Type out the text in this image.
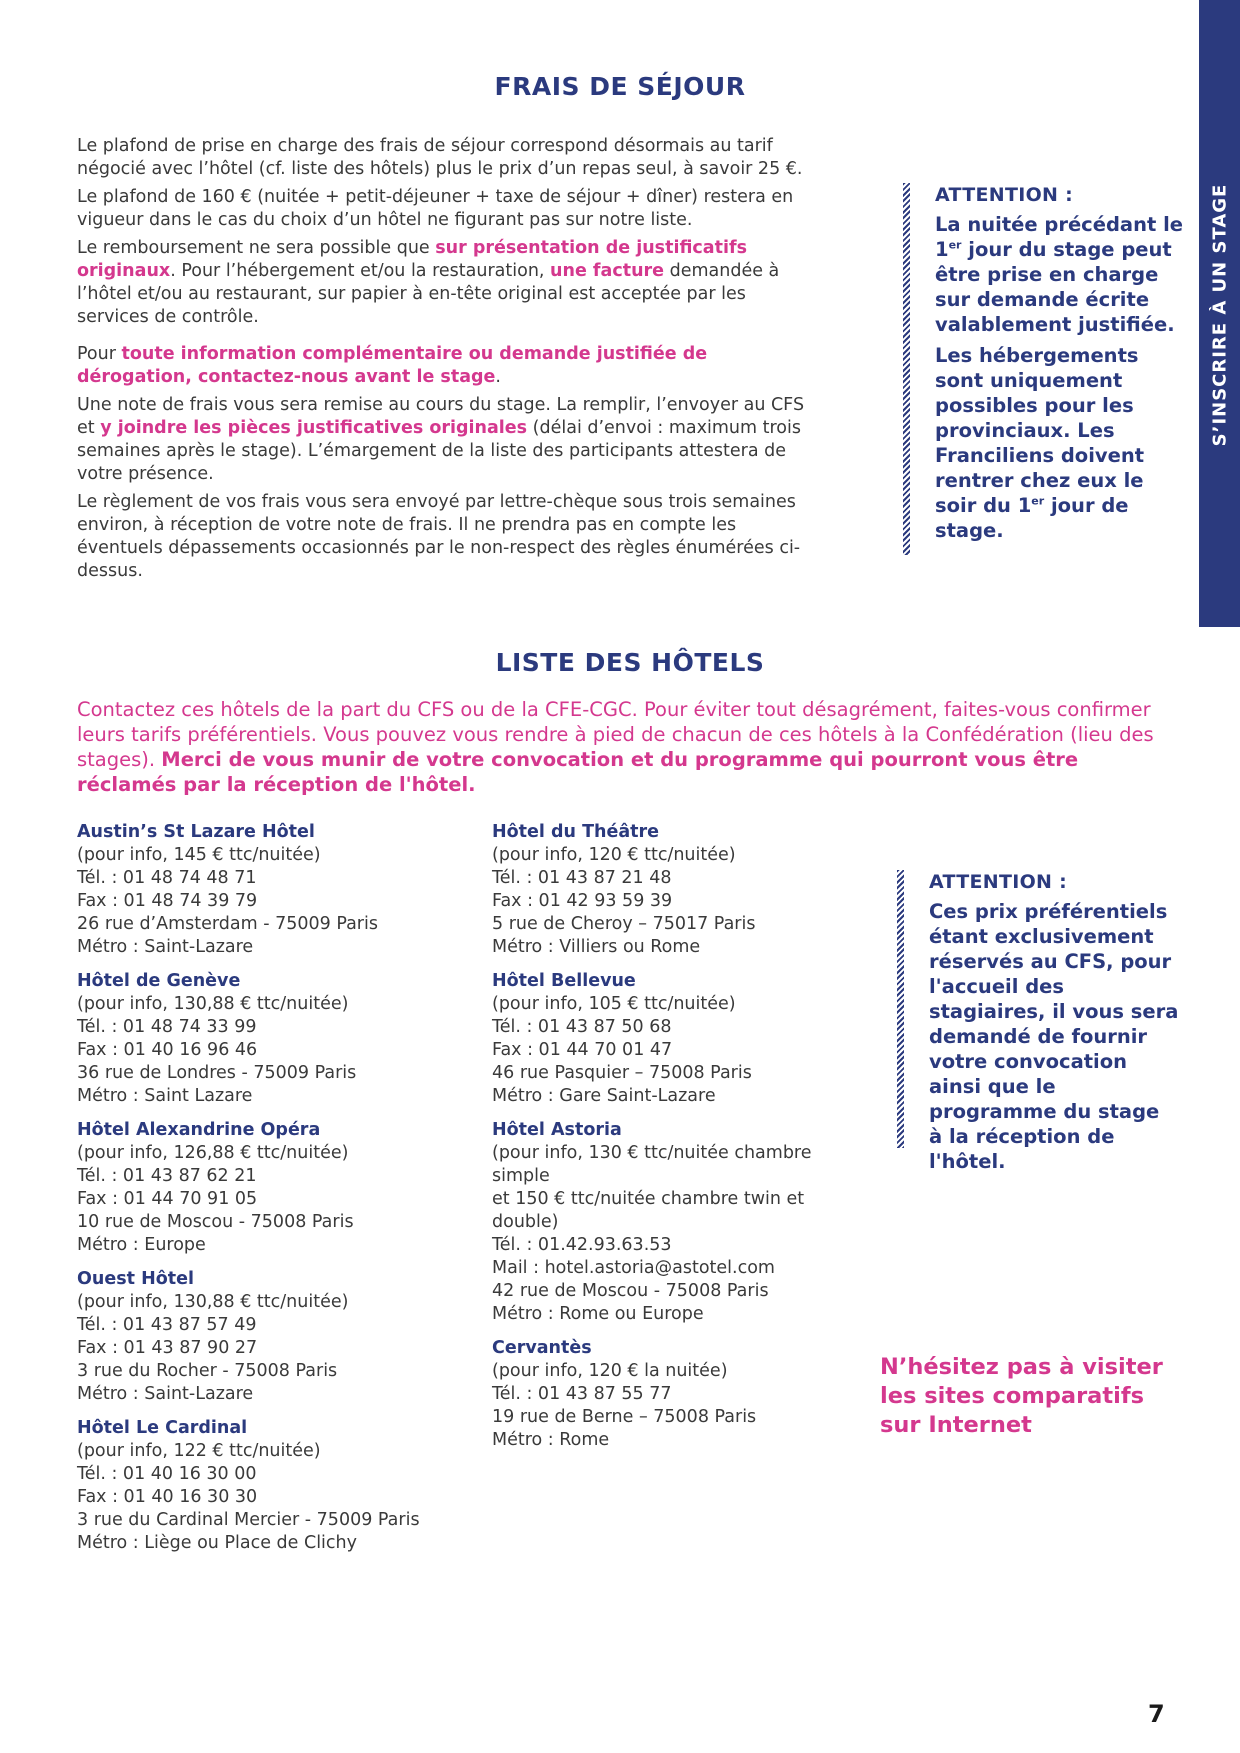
S’INSCRIRE À UN STAGE
FRAIS DE SÉJOUR

Le plafond de prise en charge des frais de séjour correspond désormais au tarif négocié avec l’hôtel (cf. liste des hôtels) plus le prix d’un repas seul, à savoir 25 €.

Le plafond de 160 € (nuitée + petit-déjeuner + taxe de séjour + dîner) restera en vigueur dans le cas du choix d’un hôtel ne figurant pas sur notre liste.

Le remboursement ne sera possible que sur présentation de justificatifs originaux. Pour l’hébergement et/ou la restauration, une facture demandée à l’hôtel et/ou au restaurant, sur papier à en-tête original est acceptée par les services de contrôle.

Pour toute information complémentaire ou demande justifiée de dérogation, contactez-nous avant le stage.

Une note de frais vous sera remise au cours du stage. La remplir, l’envoyer au CFS et y joindre les pièces justificatives originales (délai d’envoi : maximum trois semaines après le stage). L’émargement de la liste des participants attestera de votre présence.

Le règlement de vos frais vous sera envoyé par lettre-chèque sous trois semaines environ, à réception de votre note de frais. Il ne prendra pas en compte les éventuels dépassements occasionnés par le non-respect des règles énumérées ci-dessus.

ATTENTION :

La nuitée précédant le 1er jour du stage peut être prise en charge sur demande écrite valablement justifiée.

Les hébergements sont uniquement possibles pour les provinciaux. Les Franciliens doivent rentrer chez eux le soir du 1er jour de stage.

LISTE DES HÔTELS
Contactez ces hôtels de la part du CFS ou de la CFE-CGC. Pour éviter tout désagrément, faites-vous confirmer leurs tarifs préférentiels. Vous pouvez vous rendre à pied de chacun de ces hôtels à la Confédération (lieu des stages). Merci de vous munir de votre convocation et du programme qui pourront vous être réclamés par la réception de l'hôtel.
Austin’s St Lazare Hôtel
(pour info, 145 € ttc/nuitée)
Tél. : 01 48 74 48 71
Fax : 01 48 74 39 79
26 rue d’Amsterdam - 75009 Paris
Métro : Saint-Lazare
Hôtel de Genève
(pour info, 130,88 € ttc/nuitée)
Tél. : 01 48 74 33 99
Fax : 01 40 16 96 46
36 rue de Londres - 75009 Paris
Métro : Saint Lazare
Hôtel Alexandrine Opéra
(pour info, 126,88 € ttc/nuitée)
Tél. : 01 43 87 62 21
Fax : 01 44 70 91 05
10 rue de Moscou - 75008 Paris
Métro : Europe
Ouest Hôtel
(pour info, 130,88 € ttc/nuitée)
Tél. : 01 43 87 57 49
Fax : 01 43 87 90 27
3 rue du Rocher - 75008 Paris
Métro : Saint-Lazare
Hôtel Le Cardinal
(pour info, 122 € ttc/nuitée)
Tél. : 01 40 16 30 00
Fax : 01 40 16 30 30
3 rue du Cardinal Mercier - 75009 Paris
Métro : Liège ou Place de Clichy
Hôtel du Théâtre
(pour info, 120 € ttc/nuitée)
Tél. : 01 43 87 21 48
Fax : 01 42 93 59 39
5 rue de Cheroy – 75017 Paris
Métro : Villiers ou Rome
Hôtel Bellevue
(pour info, 105 € ttc/nuitée)
Tél. : 01 43 87 50 68
Fax : 01 44 70 01 47
46 rue Pasquier – 75008 Paris
Métro : Gare Saint-Lazare
Hôtel Astoria
(pour info, 130 € ttc/nuitée chambre simple
et 150 € ttc/nuitée chambre twin et
double)
Tél. : 01.42.93.63.53
Mail : hotel.astoria@astotel.com
42 rue de Moscou - 75008 Paris
Métro : Rome ou Europe
Cervantès
(pour info, 120 € la nuitée)
Tél. : 01 43 87 55 77
19 rue de Berne – 75008 Paris
Métro : Rome
ATTENTION :

Ces prix préférentiels étant exclusivement réservés au CFS, pour l'accueil des stagiaires, il vous sera demandé de fournir votre convocation ainsi que le programme du stage à la réception de l'hôtel.

N’hésitez pas à visiter les sites comparatifs sur Internet
7
